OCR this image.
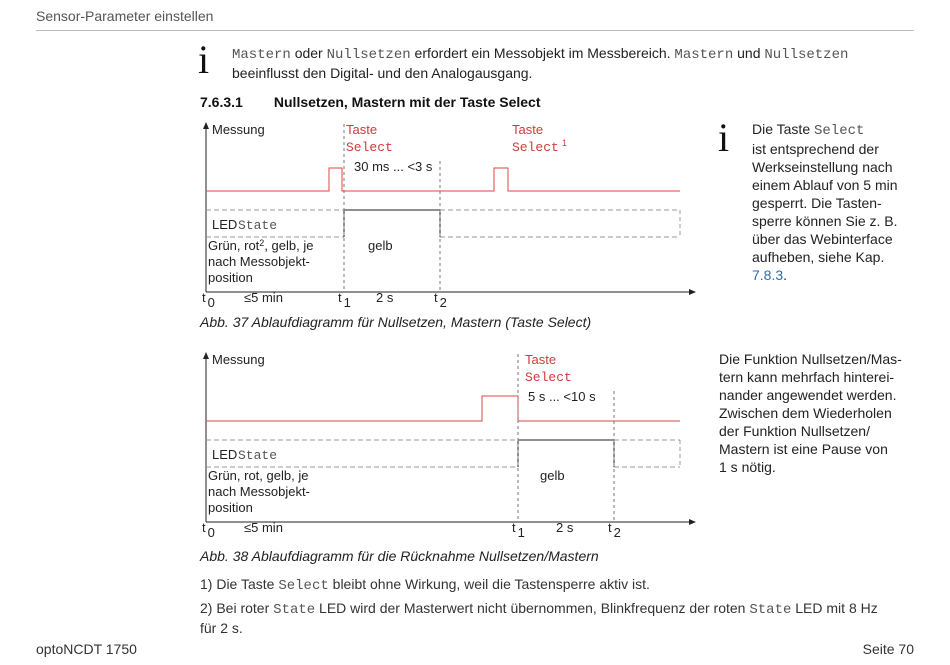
Sensor-Parameter einstellen
i Mastern oder Nullsetzen erfordert ein Messobjekt im Messbereich. Mastern und Nullsetzen
beeinflusst den Digital- und den Analogausgang.
7.6.3.1 Nullsetzen, Mastern mit der Taste Select
Messung	Taste
Select
Taste
Select 1
30 ms ... <3 s
LED State
Grün, rot$^2$, gelb, je
nach Messobjekt-
position
gelb
t 0	t 1	t 2
≤5 min	2 s
Abb. 37 Ablaufdiagramm für Nullsetzen, Mastern (Taste Select)
i Die Taste Select
ist entsprechend der
Werkseinstellung nach
einem Ablauf von 5 min
gesperrt. Die Tasten-
sperre können Sie z. B.
über das Webinterface
aufheben, siehe Kap.
7.8.3.
Messung	Taste
Select
5 s ... <10 s
LED State
Grün, rot, gelb, je
nach Messobjekt-
position
gelb
t 0	t 1	t 2
≤5 min	2 s
Abb. 38 Ablaufdiagramm für die Rücknahme Nullsetzen/Mastern
Die Funktion Nullsetzen/Mas-
tern kann mehrfach hinterei-
nander angewendet werden.
Zwischen dem Wiederholen
der Funktion Nullsetzen/
Mastern ist eine Pause von
1 s nötig.
1) Die Taste Select bleibt ohne Wirkung, weil die Tastensperre aktiv ist.
2) Bei roter State LED wird der Masterwert nicht übernommen, Blinkfrequenz der roten State LED mit 8 Hz
für 2 s.
optoNCDT 1750	Seite 70
